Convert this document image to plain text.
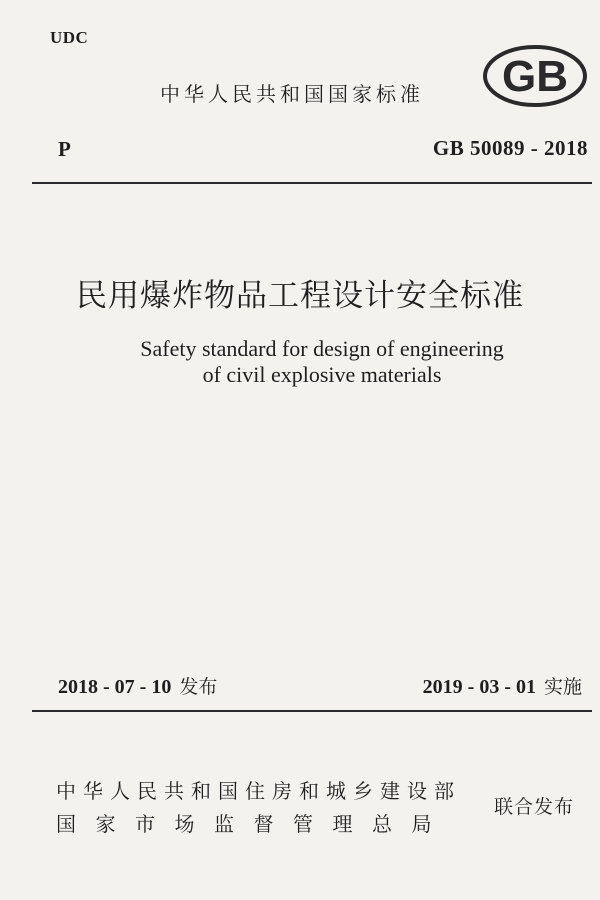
UDC
中华人民共和国国家标准 GB
P	GB 50089 - 2018
民用爆炸物品工程设计安全标准
Safety standard for design of engineering
of civil explosive materials
2018 - 07 - 10 发布	2019 - 03 - 01 实施
中华人民共和国住房和城乡建设部
国家市场监督管理总局
联合发布
